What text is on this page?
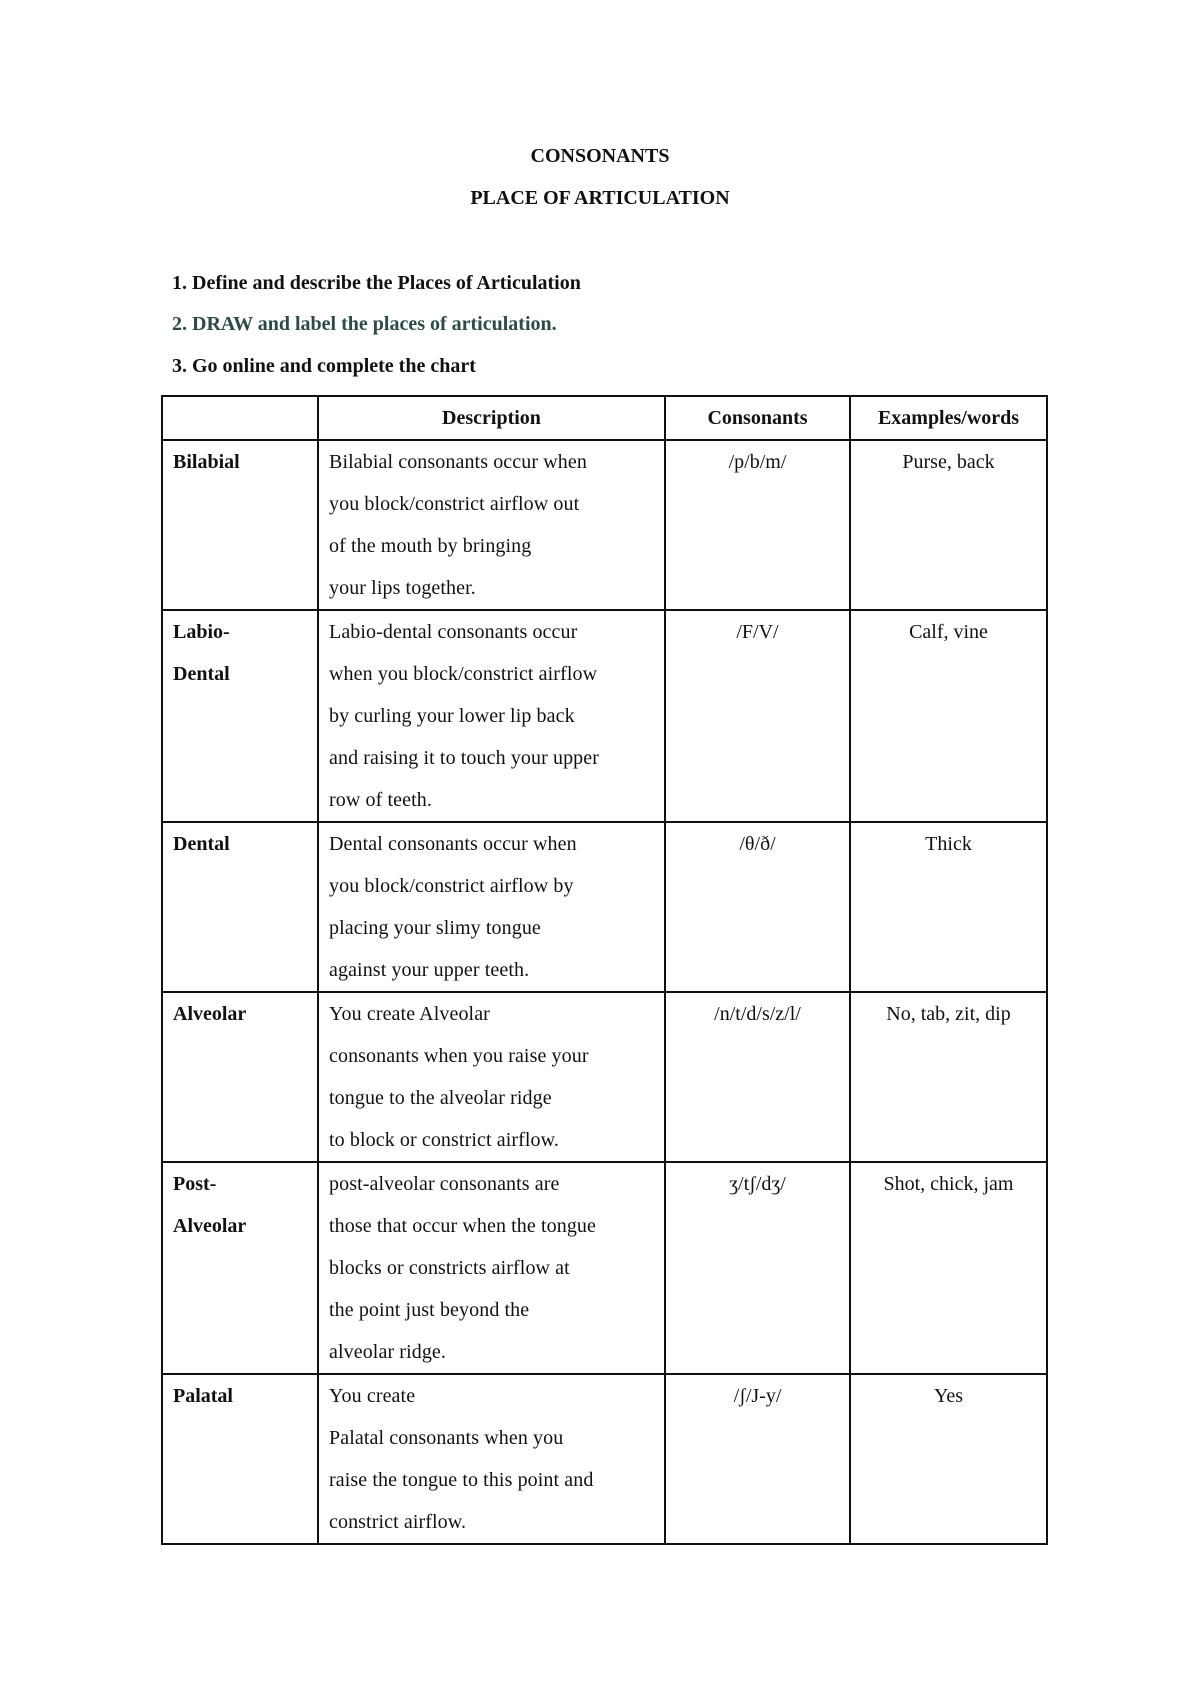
CONSONANTS
PLACE OF ARTICULATION
1. Define and describe the Places of Articulation
2. DRAW and label the places of articulation.
3. Go online and complete the chart
	Description	Consonants	Examples/words

Bilabial	Bilabial consonants occur when
you block/constrict airflow out
of the mouth by bringing
your lips together.	/p/b/m/	Purse, back

Labio-
Dental	Labio-dental consonants occur
when you block/constrict airflow
by curling your lower lip back
and raising it to touch your upper
row of teeth.	/F/V/	Calf, vine

Dental	Dental consonants occur when
you block/constrict airflow by
placing your slimy tongue
against your upper teeth.	/θ/ð/	Thick

Alveolar	You create Alveolar
consonants when you raise your
tongue to the alveolar ridge
to block or constrict airflow.	/n/t/d/s/z/l/	No, tab, zit, dip

Post-
Alveolar	post-alveolar consonants are
those that occur when the tongue
blocks or constricts airflow at
the point just beyond the
alveolar ridge.	ʒ/tʃ/dʒ/	Shot, chick, jam

Palatal	You create
Palatal consonants when you
raise the tongue to this point and
constrict airflow.	/ʃ/J-y/	Yes
